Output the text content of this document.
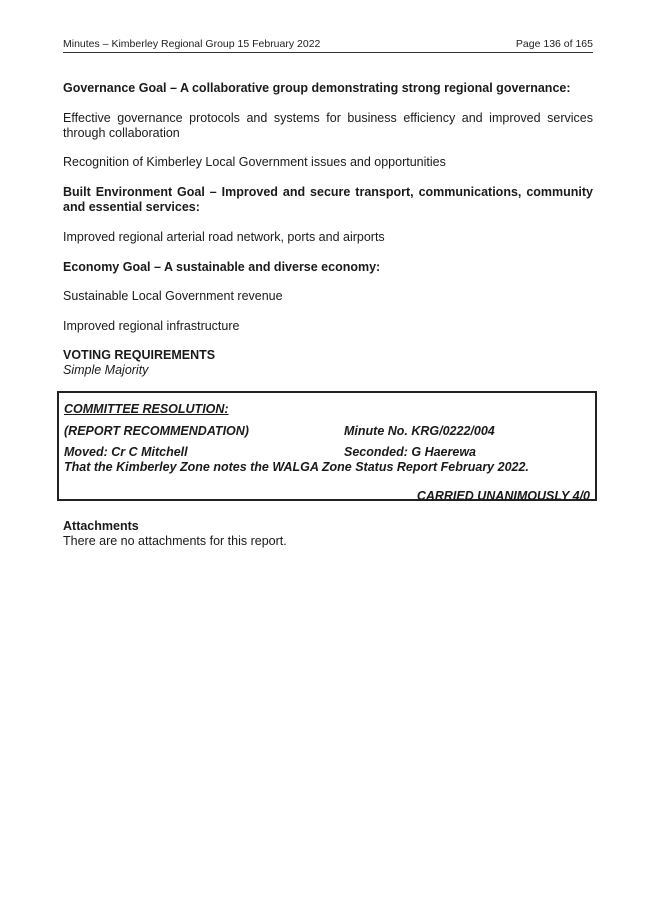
Minutes – Kimberley Regional Group 15 February 2022	Page 136 of 165
Governance Goal – A collaborative group demonstrating strong regional governance:
Effective governance protocols and systems for business efficiency and improved services through collaboration
Recognition of Kimberley Local Government issues and opportunities
Built Environment Goal – Improved and secure transport, communications, community and essential services:
Improved regional arterial road network, ports and airports
Economy Goal – A sustainable and diverse economy:
Sustainable Local Government revenue
Improved regional infrastructure
VOTING REQUIREMENTS
Simple Majority
COMMITTEE RESOLUTION:
(REPORT RECOMMENDATION)	Minute No. KRG/0222/004
Moved: Cr C Mitchell	Seconded: G Haerewa
That the Kimberley Zone notes the WALGA Zone Status Report February 2022.
CARRIED UNANIMOUSLY 4/0
Attachments
There are no attachments for this report.
